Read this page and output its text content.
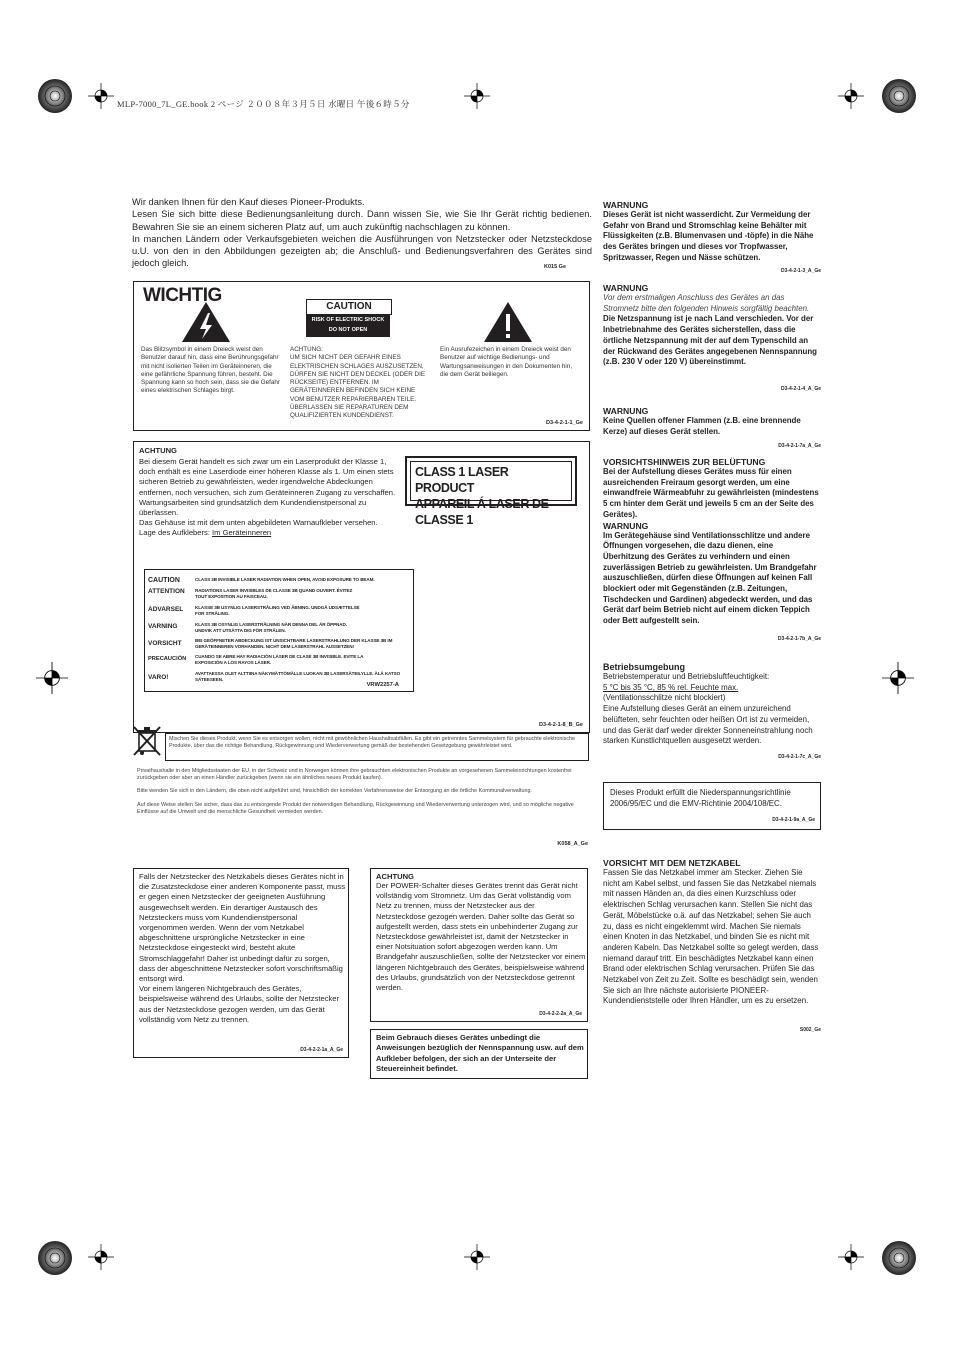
MLP-7000_7L_GE.book 2 ページ ２００８年３月５日 水曜日 午後６時５分

Wir danken Ihnen für den Kauf dieses Pioneer-Produkts.

Lesen Sie sich bitte diese Bedienungsanleitung durch. Dann wissen Sie, wie Sie Ihr Gerät richtig bedienen. Bewahren Sie sie an einem sicheren Platz auf, um auch zukünftig nachschlagen zu können.

In manchen Ländern oder Verkaufsgebieten weichen die Ausführungen von Netzstecker oder Netzsteckdose u.U. von den in den Abbildungen gezeigten ab; die Anschluß- und Bedienungsverfahren des Gerätes sind jedoch gleich.	K015 Ge
WICHTIG
CAUTION
RISK OF ELECTRIC SHOCK
DO NOT OPEN
Das Blitzsymbol in einem Dreieck weist den Benutzer darauf hin, dass eine Berührungsgefahr mit nicht isolierten Teilen im Geräteinneren, die eine gefährliche Spannung führen, besteht. Die Spannung kann so hoch sein, dass sie die Gefahr eines elektrischen Schlages birgt.
ACHTUNG:
UM SICH NICHT DER GEFAHR EINES ELEKTRISCHEN SCHLAGES AUSZUSETZEN, DÜRFEN SIE NICHT DEN DECKEL (ODER DIE RÜCKSEITE) ENTFERNEN. IM GERÄTEINNEREN BEFINDEN SICH KEINE VOM BENUTZER REPARIERBAREN TEILE. ÜBERLASSEN SIE REPARATUREN DEM QUALIFIZIERTEN KUNDENDIENST.
Ein Ausrufezeichen in einem Dreieck weist den Benutzer auf wichtige Bedienungs- und Wartungsanweisungen in den Dokumenten hin, die dem Gerät beiliegen.
D3-4-2-1-1_Ge
ACHTUNG
Bei diesem Gerät handelt es sich zwar um ein Laserprodukt der Klasse 1, doch enthält es eine Laserdiode einer höheren Klasse als 1. Um einen stets sicheren Betrieb zu gewährleisten, weder irgendwelche Abdeckungen entfernen, noch versuchen, sich zum Geräteinneren Zugang zu verschaffen.
Wartungsarbeiten sind grundsätzlich dem Kundendienstpersonal zu überlassen.
Das Gehäuse ist mit dem unten abgebildeten Warnaufkleber versehen.
Lage des Aufklebers: Im Geräteinneren
D3-4-2-1-8_B_Ge
CLASS 1 LASER PRODUCT
APPAREIL Á LASER DE CLASSE 1
CAUTION	CLASS 3B INVISIBLE LASER RADIATION WHEN OPEN, AVOID EXPOSURE TO BEAM.
ATTENTION RADIATIONS LASER INVISIBLES DE CLASSE 3B QUAND OUVERT. ÉVITEZ TOUT EXPOSITION AU FAISCEAU.
ADVARSEL	KLASSE 3B USYNLIG LASERSTRÅLING VED ÅBNING. UNDGÅ UDSÆTTELSE FOR STRÅLING.
VARNING	KLASS 3B OSYNLIG LASERSTRÅLNING NÄR DENNA DEL ÄR ÖPPNAD. UNDVIK ATT UTSÄTTA DIG FÖR STRÅLEN.
VORSICHT	BEI GEÖFFNETER ABDECKUNG IST UNSICHTBARE LASERSTRAHLUNG DER KLASSE 3B IM GERÄTEINNEREN VORHANDEN. NICHT DEM LASERSTRAHL AUSSETZEN!
PRECAUCIÓN CUANDO SE ABRE HAY RADIACIÓN LÁSER DE CLASE 3B INVISIBLE. EVITE LA EXPOSICIÓN A LOS RAYOS LÁSER.
VARO!
AVATTAESSA OLET ALTTIINA NÄKYMÄTTÖMÄLLE LUOKAN 3B LASERSÄTEILYLLE. ÄLÄ KATSO SÄTEESEEN.
VRW2257-A
Mischen Sie dieses Produkt, wenn Sie es entsorgen wollen, nicht mit gewöhnlichen Haushaltsabfällen. Es gibt ein getrenntes Sammelsystem für gebrauchte elektronische Produkte, über das die richtige Behandlung, Rückgewinnung und Wiederverwertung gemäß der bestehenden Gesetzgebung gewährleistet wird.
Privathaushalte in den Mitgliedsstaaten der EU, in der Schweiz und in Norwegen können ihre gebrauchten elektronischen Produkte an vorgesehenen Sammeleinrichtungen kostenfrei zurückgeben oder aber an einen Händler zurückgeben (wenn sie ein ähnliches neues Produkt kaufen).
Bitte wenden Sie sich in den Ländern, die oben nicht aufgeführt sind, hinsichtlich der korrekten Verfahrensweise der Entsorgung an die örtliche Kommunalverwaltung.
Auf diese Weise stellen Sie sicher, dass das zu entsorgende Produkt der notwendigen Behandlung, Rückgewinnung und Wiederverwertung unterzogen wird, und so mögliche negative Einflüsse auf die Umwelt und die menschliche Gesundheit vermieden werden.
K058_A_Ge
Falls der Netzstecker des Netzkabels dieses Gerätes nicht in die Zusatzsteckdose einer anderen Komponente passt, muss er gegen einen Netzstecker der geeigneten Ausführung ausgewechselt werden. Ein derartiger Austausch des Netzsteckers muss vom Kundendienstpersonal vorgenommen werden. Wenn der vom Netzkabel abgeschnittene ursprüngliche Netzstecker in eine Netzsteckdose eingesteckt wird, besteht akute Stromschlaggefahr! Daher ist unbedingt dafür zu sorgen, dass der abgeschnittene Netzstecker sofort vorschriftsmäßig entsorgt wird.
Vor einem längeren Nichtgebrauch des Gerätes, beispielsweise während des Urlaubs, sollte der Netzstecker aus der Netzsteckdose gezogen werden, um das Gerät vollständig vom Netz zu trennen.
D3-4-2-2-1a_A_Ge
ACHTUNG
Der POWER-Schalter dieses Gerätes trennt das Gerät nicht vollständig vom Stromnetz. Um das Gerät vollständig vom Netz zu trennen, muss der Netzstecker aus der Netzsteckdose gezogen werden. Daher sollte das Gerät so aufgestellt werden, dass stets ein unbehinderter Zugang zur Netzsteckdose gewährleistet ist, damit der Netzstecker in einer Notsituation sofort abgezogen werden kann. Um Brandgefahr auszuschließen, sollte der Netzstecker vor einem längeren Nichtgebrauch des Gerätes, beispielsweise während des Urlaubs, grundsätzlich von der Netzsteckdose getrennt werden.
D3-4-2-2-2a_A_Ge
Beim Gebrauch dieses Gerätes unbedingt die Anweisungen bezüglich der Nennspannung usw. auf dem Aufkleber befolgen, der sich an der Unterseite der Steuereinheit befindet.
WARNUNG
Dieses Gerät ist nicht wasserdicht. Zur Vermeidung der Gefahr von Brand und Stromschlag keine Behälter mit Flüssigkeiten (z.B. Blumenvasen und -töpfe) in die Nähe des Gerätes bringen und dieses vor Tropfwasser, Spritzwasser, Regen und Nässe schützen.
D3-4-2-1-3_A_Ge
WARNUNG
Vor dem erstmaligen Anschluss des Gerätes an das Stromnetz bitte den folgenden Hinweis sorgfältig beachten.
Die Netzspannung ist je nach Land verschieden. Vor der Inbetriebnahme des Gerätes sicherstellen, dass die örtliche Netzspannung mit der auf dem Typenschild an der Rückwand des Gerätes angegebenen Nennspannung (z.B. 230 V oder 120 V) übereinstimmt.
D3-4-2-1-4_A_Ge
WARNUNG
Keine Quellen offener Flammen (z.B. eine brennende Kerze) auf dieses Gerät stellen.
D3-4-2-1-7a_A_Ge
VORSICHTSHINWEIS ZUR BELÜFTUNG
Bei der Aufstellung dieses Gerätes muss für einen ausreichenden Freiraum gesorgt werden, um eine einwandfreie Wärmeabfuhr zu gewährleisten (mindestens 5 cm hinter dem Gerät und jeweils 5 cm an der Seite des Gerätes).
WARNUNG
Im Gerätegehäuse sind Ventilationsschlitze und andere Öffnungen vorgesehen, die dazu dienen, eine Überhitzung des Gerätes zu verhindern und einen zuverlässigen Betrieb zu gewährleisten. Um Brandgefahr auszuschließen, dürfen diese Öffnungen auf keinen Fall blockiert oder mit Gegenständen (z.B. Zeitungen, Tischdecken und Gardinen) abgedeckt werden, und das Gerät darf beim Betrieb nicht auf einem dicken Teppich oder Bett aufgestellt sein.
D3-4-2-1-7b_A_Ge
Betriebsumgebung
Betriebstemperatur und Betriebsluftfeuchtigkeit:
5 °C bis 35 °C, 85 % rel. Feuchte max.
(Ventilationsschlitze nicht blockiert)
Eine Aufstellung dieses Gerät an einem unzureichend belüfteten, sehr feuchten oder heißen Ort ist zu vermeiden, und das Gerät darf weder direkter Sonneneinstrahlung noch starken Kunstlichtquellen ausgesetzt werden.
D3-4-2-1-7c_A_Ge
Dieses Produkt erfüllt die Niederspannungsrichtlinie 2006/95/EC und die EMV-Richtinie 2004/108/EC.
D3-4-2-1-9a_A_Ge
VORSICHT MIT DEM NETZKABEL
Fassen Sie das Netzkabel immer am Stecker. Ziehen Sie nicht am Kabel selbst, und fassen Sie das Netzkabel niemals mit nassen Händen an, da dies einen Kurzschluss oder elektrischen Schlag verursachen kann. Stellen Sie nicht das Gerät, Möbelstücke o.ä. auf das Netzkabel; sehen Sie auch zu, dass es nicht eingeklemmt wird. Machen Sie niemals einen Knoten in das Netzkabel, und binden Sie es nicht mit anderen Kabeln. Das Netzkabel sollte so gelegt werden, dass niemand darauf tritt. Ein beschädigtes Netzkabel kann einen Brand oder elektrischen Schlag verursachen. Prüfen Sie das Netzkabel von Zeit zu Zeit. Sollte es beschädigt sein, wenden Sie sich an Ihre nächste autorisierte PIONEER-Kundendienststelle oder Ihren Händler, um es zu ersetzen.
S002_Ge
